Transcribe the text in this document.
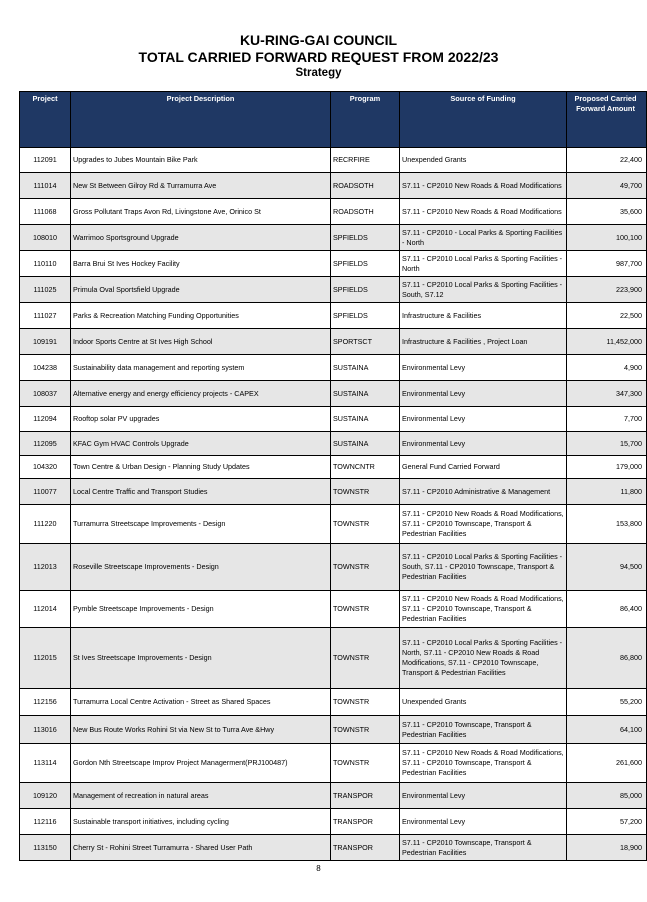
KU-RING-GAI COUNCIL
TOTAL CARRIED FORWARD REQUEST FROM 2022/23
Strategy
Project	Project Description	Program	Source of Funding	Proposed Carried Forward Amount
112091	Upgrades to Jubes Mountain Bike Park	RECRFIRE	Unexpended Grants	22,400
111014	New St Between Gilroy Rd & Turramurra Ave	ROADSOTH	S7.11 - CP2010 New Roads & Road Modifications	49,700
111068	Gross Pollutant Traps Avon Rd, Livingstone Ave, Orinico St	ROADSOTH	S7.11 - CP2010 New Roads & Road Modifications	35,600
108010	Warrimoo Sportsground Upgrade	SPFIELDS	S7.11 - CP2010 - Local Parks & Sporting Facilities - North	100,100
110110	Barra Brui St Ives Hockey Facility	SPFIELDS	S7.11 - CP2010 Local Parks & Sporting Facilities - North	987,700
111025	Primula Oval Sportsfield Upgrade	SPFIELDS	S7.11 - CP2010 Local Parks & Sporting Facilities - South, S7.12	223,900
111027	Parks & Recreation Matching Funding Opportunities	SPFIELDS	Infrastructure & Facilities	22,500
109191	Indoor Sports Centre at St Ives High School	SPORTSCT	Infrastructure & Facilities , Project Loan	11,452,000
104238	Sustainability data management and reporting system	SUSTAINA	Environmental Levy	4,900
108037	Alternative energy and energy efficiency projects - CAPEX	SUSTAINA	Environmental Levy	347,300
112094	Rooftop solar PV upgrades	SUSTAINA	Environmental Levy	7,700
112095	KFAC Gym HVAC Controls Upgrade	SUSTAINA	Environmental Levy	15,700
104320	Town Centre & Urban Design - Planning Study Updates	TOWNCNTR	General Fund Carried Forward	179,000
110077	Local Centre Traffic and Transport Studies	TOWNSTR	S7.11 - CP2010 Administrative & Management	11,800
111220	Turramurra Streetscape Improvements - Design	TOWNSTR	S7.11 - CP2010 New Roads & Road Modifications, S7.11 - CP2010 Townscape, Transport & Pedestrian Facilities	153,800
112013	Roseville Streetscape Improvements - Design	TOWNSTR	S7.11 - CP2010 Local Parks & Sporting Facilities - South, S7.11 - CP2010 Townscape, Transport & Pedestrian Facilities	94,500
112014	Pymble Streetscape Improvements - Design	TOWNSTR	S7.11 - CP2010 New Roads & Road Modifications, S7.11 - CP2010 Townscape, Transport & Pedestrian Facilities	86,400
112015	St Ives Streetscape Improvements - Design	TOWNSTR	S7.11 - CP2010 Local Parks & Sporting Facilities - North, S7.11 - CP2010 New Roads & Road Modifications, S7.11 - CP2010 Townscape, Transport & Pedestrian Facilities	86,800
112156	Turramurra Local Centre Activation - Street as Shared Spaces	TOWNSTR	Unexpended Grants	55,200
113016	New Bus Route Works Rohini St via New St to Turra Ave &Hwy	TOWNSTR	S7.11 - CP2010 Townscape, Transport & Pedestrian Facilities	64,100
113114	Gordon Nth Streetscape Improv Project Managerment(PRJ100487)	TOWNSTR	S7.11 - CP2010 New Roads & Road Modifications, S7.11 - CP2010 Townscape, Transport & Pedestrian Facilities	261,600
109120	Management of recreation in natural areas	TRANSPOR	Environmental Levy	85,000
112116	Sustainable transport initiatives, including cycling	TRANSPOR	Environmental Levy	57,200
113150	Cherry St - Rohini Street Turramurra - Shared User Path	TRANSPOR	S7.11 - CP2010 Townscape, Transport & Pedestrian Facilities	18,900
8
